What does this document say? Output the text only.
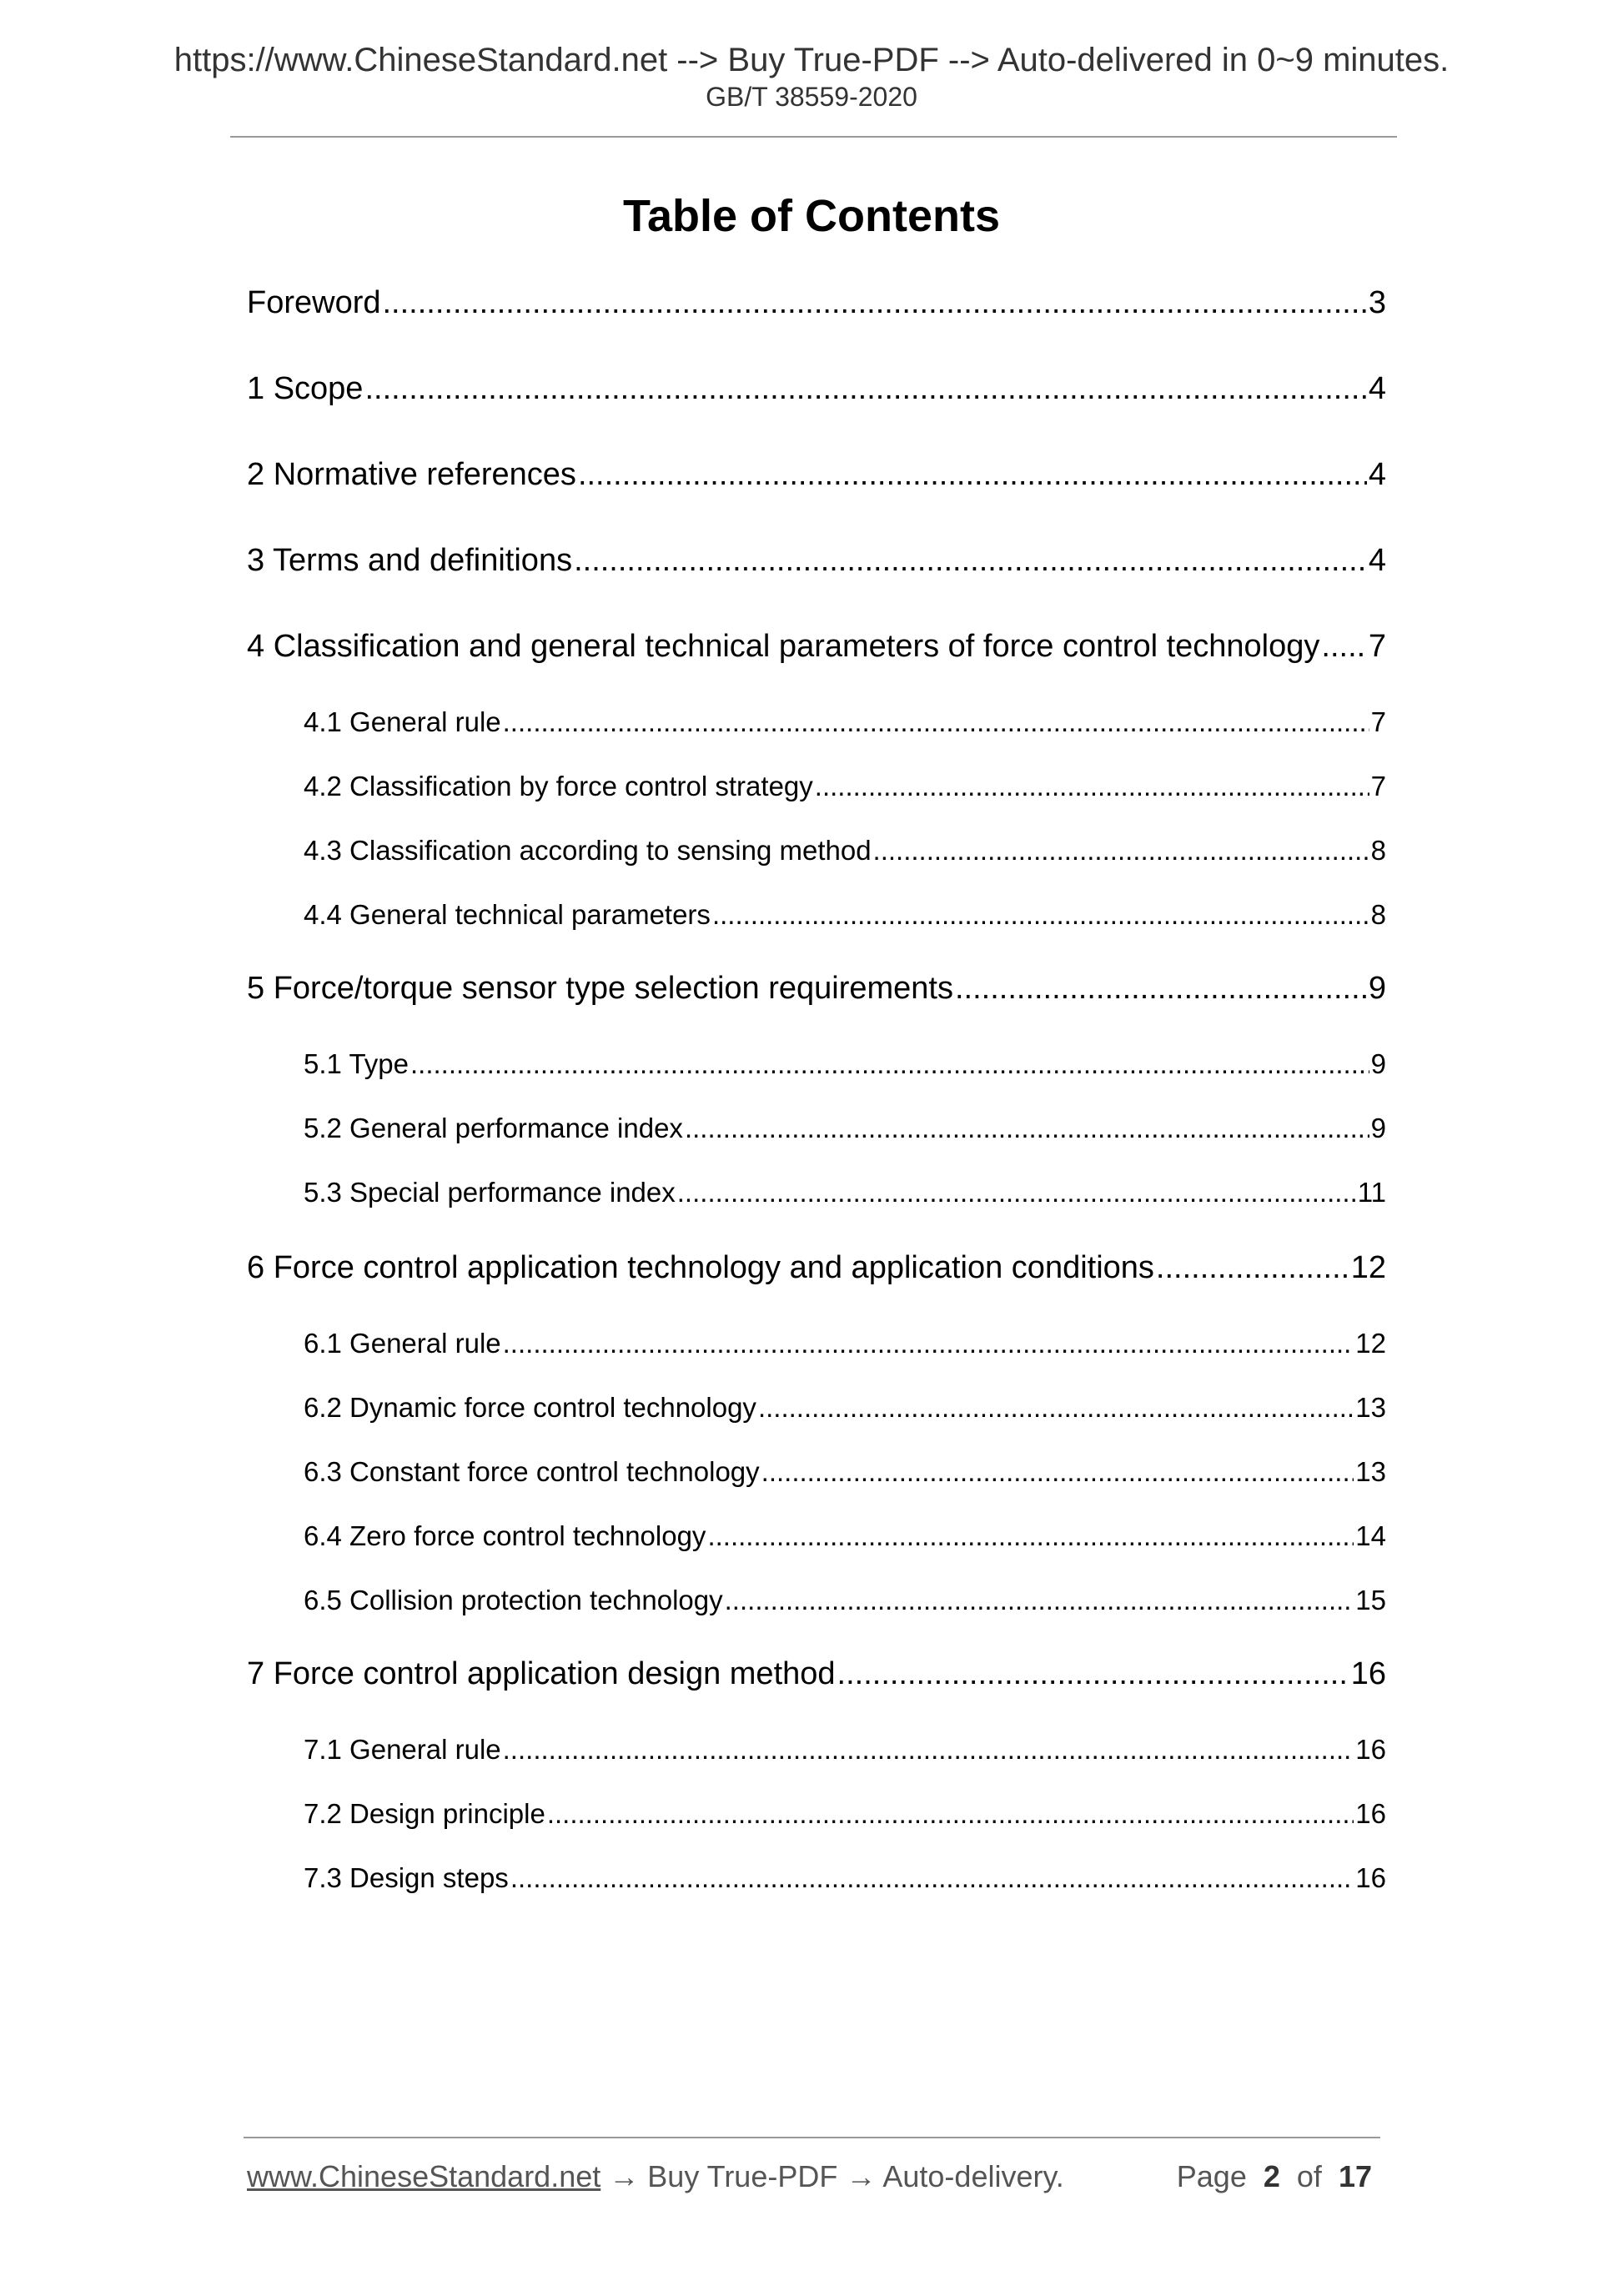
https://www.ChineseStandard.net --> Buy True-PDF --> Auto-delivered in 0~9 minutes.
GB/T 38559-2020
Table of Contents
Foreword .....	3
1 Scope .....	4
2 Normative references .....	4
3 Terms and definitions .....	4
4 Classification and general technical parameters of force control technology ..... 7
4.1 General rule .....	7
4.2 Classification by force control strategy .....	7
4.3 Classification according to sensing method .....	8
4.4 General technical parameters .....	8
5 Force/torque sensor type selection requirements .....	9
5.1 Type .....	9
5.2 General performance index .....	9
5.3 Special performance index .....	11
6 Force control application technology and application conditions .....	12
6.1 General rule .....	12
6.2 Dynamic force control technology .....	13
6.3 Constant force control technology .....	13
6.4 Zero force control technology .....	14
6.5 Collision protection technology .....	15
7 Force control application design method .....	16
7.1 General rule .....	16
7.2 Design principle .....	16
7.3 Design steps .....	16
www.ChineseStandard.net → Buy True-PDF → Auto-delivery.	Page 2 of 17
